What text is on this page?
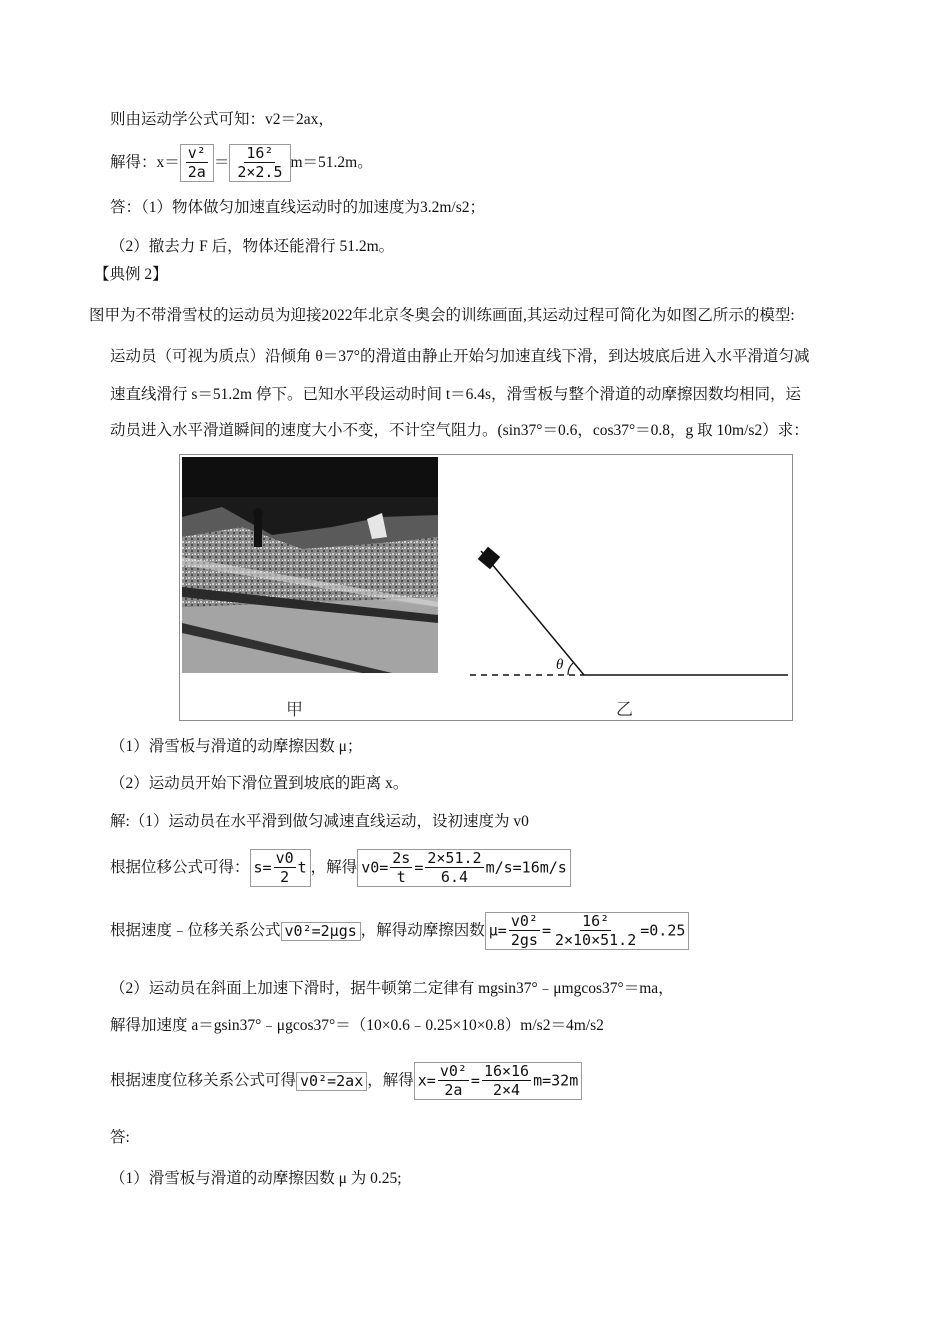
则由运动学公式可知：v2＝2ax，
解得：$x= \frac{\text{v²}}{2a} = \frac{\text{16²}}{2\times 2.5} m=51.2m$。
答：（1）物体做匀加速直线运动时的加速度为3.2m/s2；
（2）撤去力 F 后，物体还能滑行 51.2m。
【典例 2】
图甲为不带滑雪杖的运动员为迎接2022年北京冬奥会的训练画面,其运动过程可简化为如图乙所示的模型:
运动员（可视为质点）沿倾角 θ＝37°的滑道由静止开始匀加速直线下滑，到达坡底后进入水平滑道匀减
速直线滑行 s＝51.2m 停下。已知水平段运动时间 t＝6.4s，滑雪板与整个滑道的动摩擦因数均相同，运
动员进入水平滑道瞬间的速度大小不变，不计空气阻力。(sin37°＝0.6，cos37°＝0.8，g 取 10m/s2）求：
θ
甲	乙
（1）滑雪板与滑道的动摩擦因数 μ；
（2）运动员开始下滑位置到坡底的距离 x。
解:（1）运动员在水平滑到做匀减速直线运动，设初速度为 v0
根据位移公式可得： $s= \frac{v0}{2}$ t ，解得 $v0= \frac{2s}{t} = \frac{2\times 51.2}{6.4} m/s=16m/s$
根据速度﹣位移关系公式 v0²=2μgs ，解得动摩擦因数 $\mu= \frac{\text{v0²}}{2gs} = \frac{\text{16²}}{2\times 10\times 51.2} =0.25$
（2）运动员在斜面上加速下滑时，据牛顿第二定律有 mgsin37°﹣μmgcos37°＝ma，
解得加速度 a＝gsin37°﹣μgcos37°＝（10×0.6﹣0.25×10×0.8）m/s2＝4m/s2
根据速度位移关系公式可得 v0²=2ax ，解得 $x= \frac{\text{v0²}}{2a} = \frac{16\times 16}{2\times 4} m=32m$
答:
（1）滑雪板与滑道的动摩擦因数 μ 为 0.25;
